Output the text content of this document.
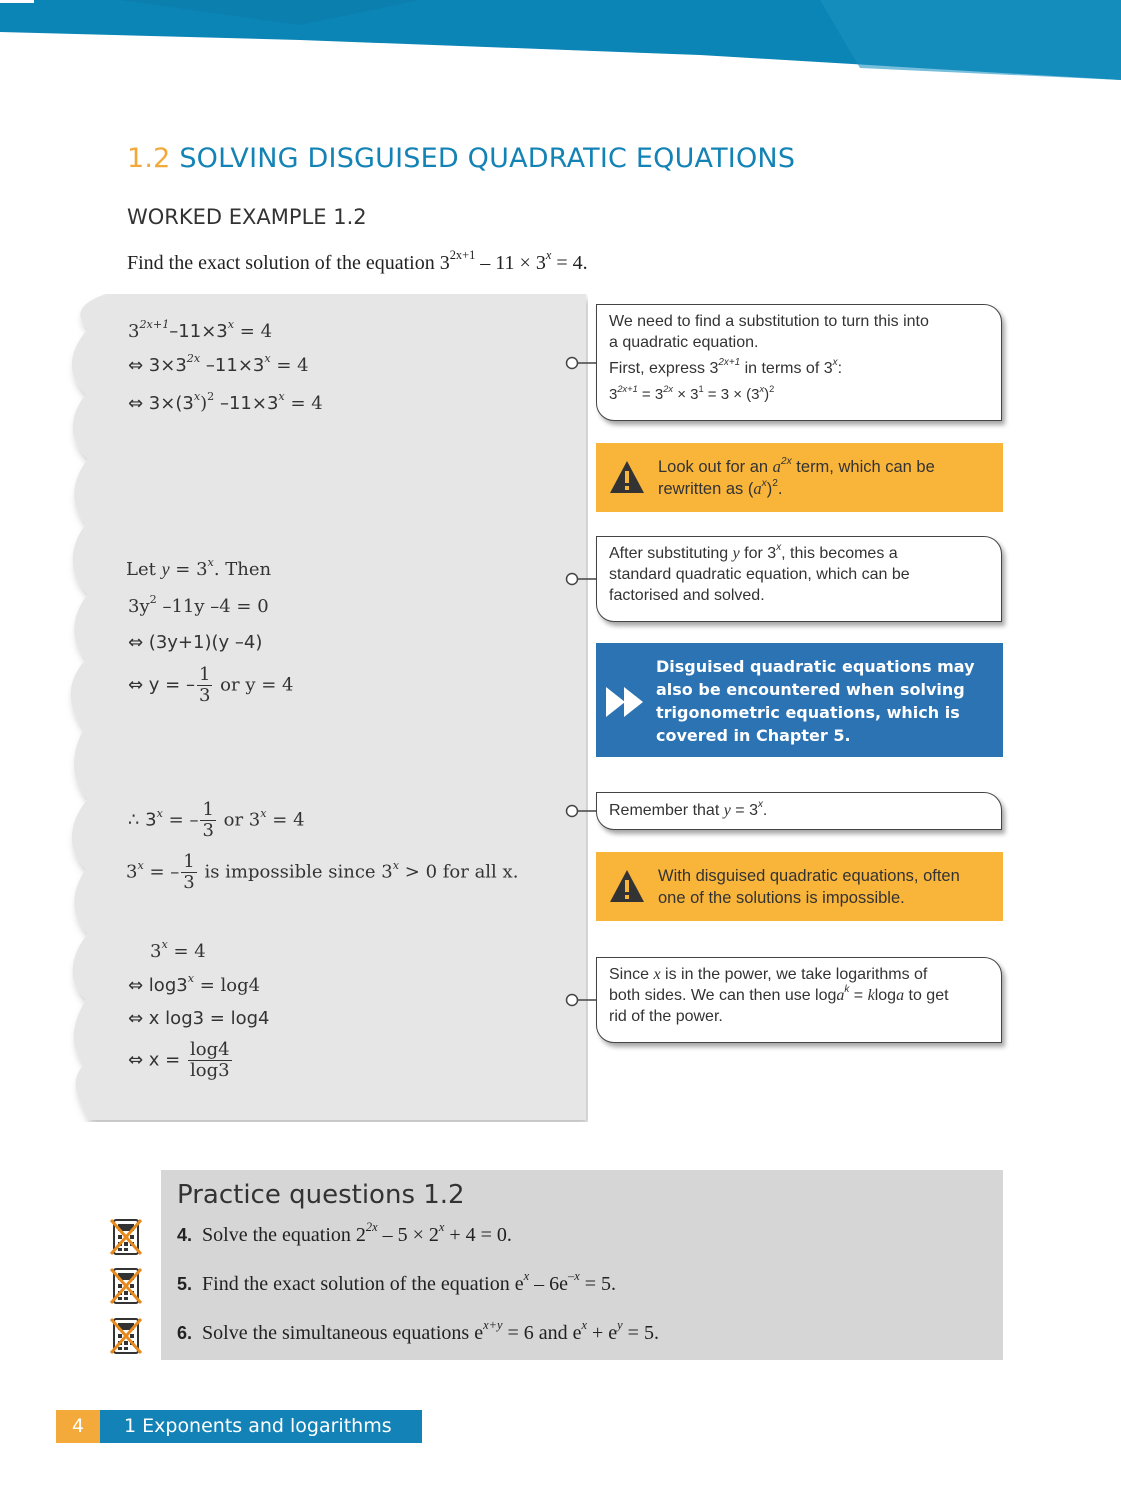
1.2 SOLVING DISGUISED QUADRATIC EQUATIONS
WORKED EXAMPLE 1.2
Find the exact solution of the equation $3^{2x+1} - 11 \times 3^x = 4$.
$3^{2x+1}-11\times 3^x = 4$
⇔ $3\times 3^{2x}$ $-11\times 3^x = 4$
⇔ $3\times(3^x)^2$ $-11\times 3^x = 4$
Let $y = 3^x$. Then
$3y^2$ –11y –4 = 0
⇔ (3y+1)(y –4)
⇔ y = – $\frac{1}{3}$ or y = 4
∴ $3^x$ = – $\frac{1}{3}$ or $3^x = 4$
$3^x$ = – $\frac{1}{3}$ is impossible since $3^x > 0$ for all x.
$3^x = 4$
⇔ $\log 3^x = \log 4$
⇔ x log3 = log4
⇔ $x = \frac{\log 4}{\log 3}$

We need to find a substitution to turn this into

a quadratic equation.

First, express $3^{2x+1}$ in terms of 3$^x$:

$3^{2x+1} = 3^{2x} \times 3^1 = 3 \times (3^x)^2$

Look out for an $a^{2x}$ term, which can be
rewritten as $(a^x)^2$.

After substituting y for 3$^x$, this becomes a

standard quadratic equation, which can be

factorised and solved.

Disguised quadratic equations may
also be encountered when solving
trigonometric equations, which is
covered in Chapter 5.

Remember that $y = 3^x$.

With disguised quadratic equations, often
one of the solutions is impossible.

Since x is in the power, we take logarithms of

both sides. We can then use loga$^k$ = kloga to get

rid of the power.

Practice questions 1.2
4. Solve the equation $2^{2x} - 5 \times 2^x + 4 = 0$.
5. Find the exact solution of the equation $e^x - 6e^{-x} = 5$.
6. Solve the simultaneous equations $e^{x+y} = 6$ and $e^x + e^y = 5$.
4	1 Exponents and logarithms
